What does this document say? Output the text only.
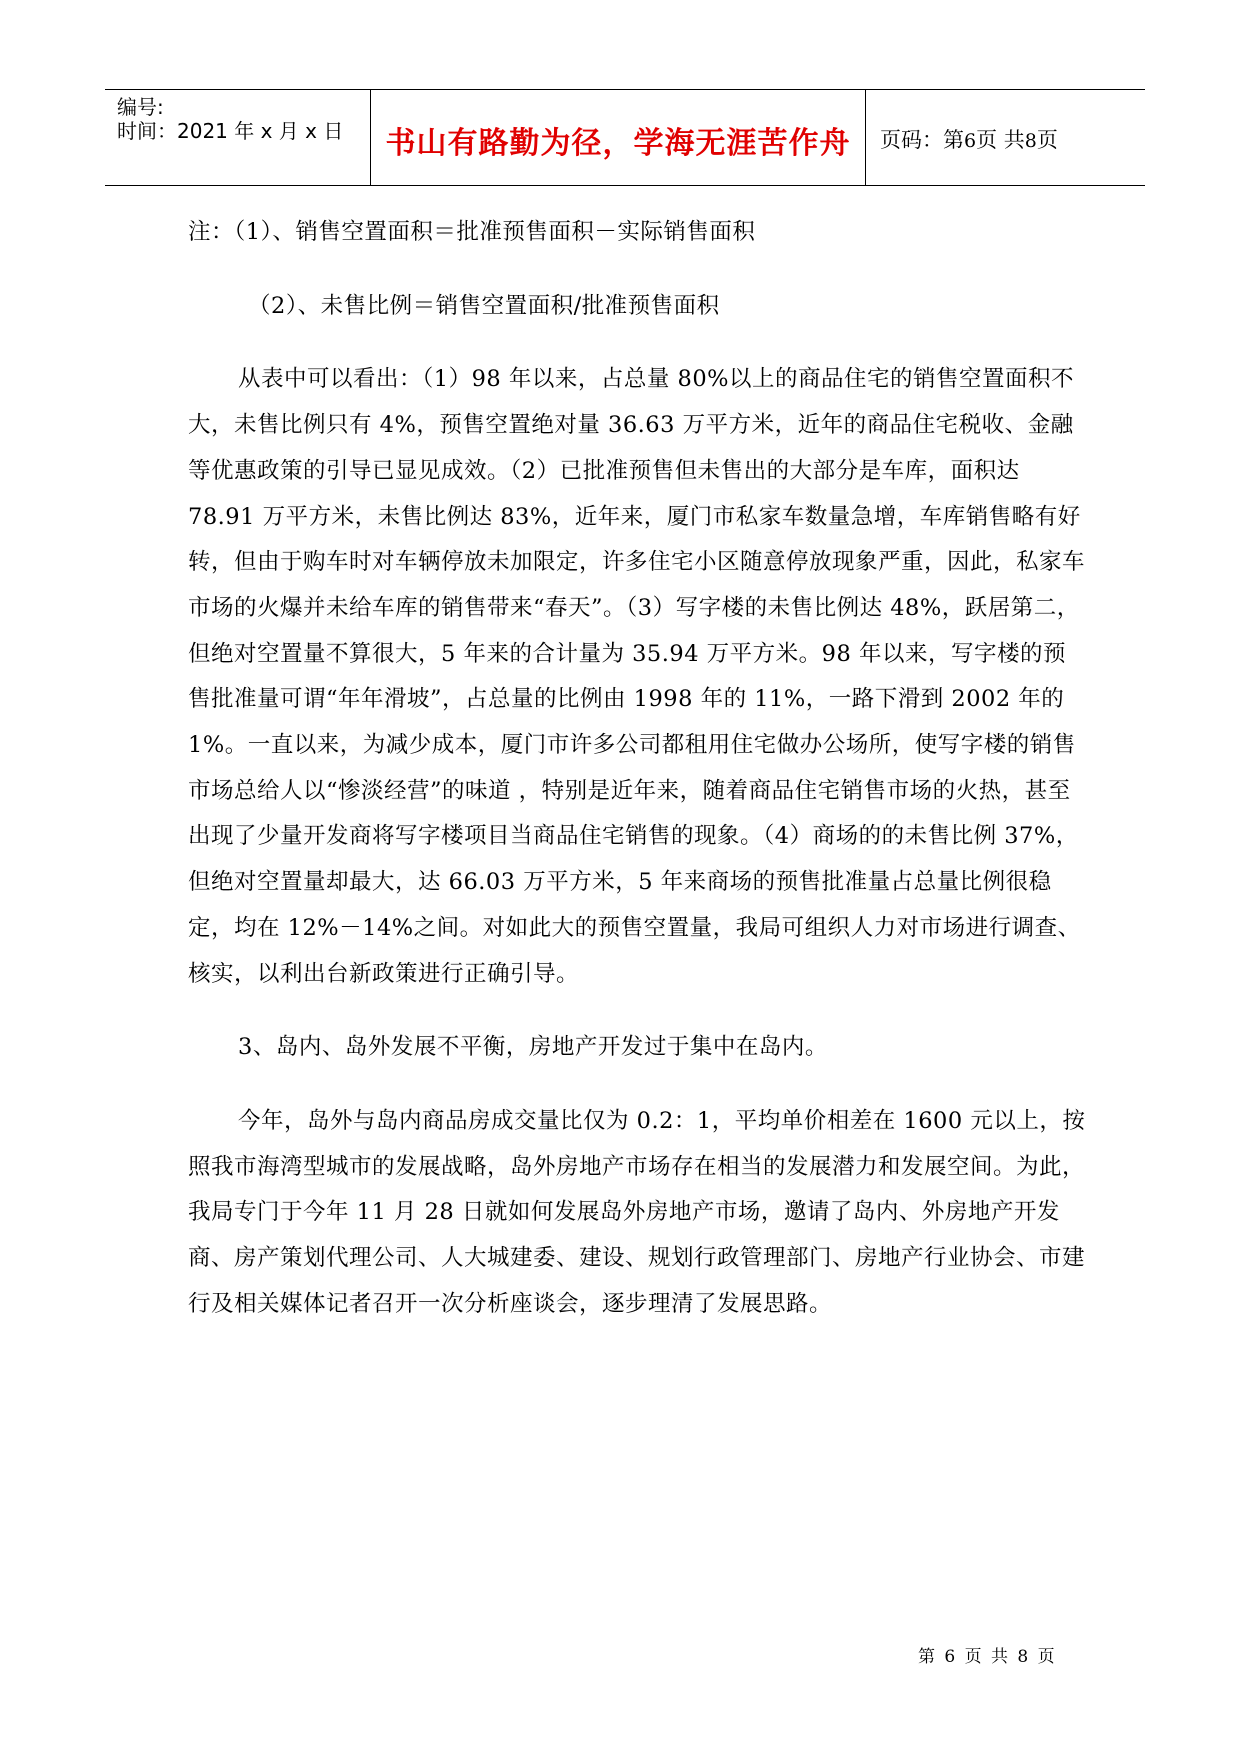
编号:
时间：2021 年 x 月 x 日	书山有路勤为径，学海无涯苦作舟	页码：第6页 共8页

注：（1）、销售空置面积＝批准预售面积－实际销售面积

（2）、未售比例＝销售空置面积/批准预售面积

从表中可以看出：（1）98 年以来，占总量 80%以上的商品住宅的销售空置面积不大，未售比例只有 4%，预售空置绝对量 36.63 万平方米，近年的商品住宅税收、金融等优惠政策的引导已显见成效。（2）已批准预售但未售出的大部分是车库，面积达 78.91 万平方米，未售比例达 83%，近年来，厦门市私家车数量急增，车库销售略有好转，但由于购车时对车辆停放未加限定，许多住宅小区随意停放现象严重，因此，私家车市场的火爆并未给车库的销售带来“春天”。（3）写字楼的未售比例达 48%，跃居第二，但绝对空置量不算很大，5 年来的合计量为 35.94 万平方米。98 年以来，写字楼的预售批准量可谓“年年滑坡”，占总量的比例由 1998 年的 11%，一路下滑到 2002 年的 1%。一直以来，为减少成本，厦门市许多公司都租用住宅做办公场所，使写字楼的销售市场总给人以“惨淡经营”的味道 ，特别是近年来，随着商品住宅销售市场的火热，甚至出现了少量开发商将写字楼项目当商品住宅销售的现象。（4）商场的的未售比例 37%，但绝对空置量却最大，达 66.03 万平方米，5 年来商场的预售批准量占总量比例很稳定，均在 12%－14%之间。对如此大的预售空置量，我局可组织人力对市场进行调查、核实，以利出台新政策进行正确引导。

3、岛内、岛外发展不平衡，房地产开发过于集中在岛内。

今年，岛外与岛内商品房成交量比仅为 0.2：1，平均单价相差在 1600 元以上，按照我市海湾型城市的发展战略，岛外房地产市场存在相当的发展潜力和发展空间。为此，我局专门于今年 11 月 28 日就如何发展岛外房地产市场，邀请了岛内、外房地产开发商、房产策划代理公司、人大城建委、建设、规划行政管理部门、房地产行业协会、市建行及相关媒体记者召开一次分析座谈会，逐步理清了发展思路。

第 6 页 共 8 页
